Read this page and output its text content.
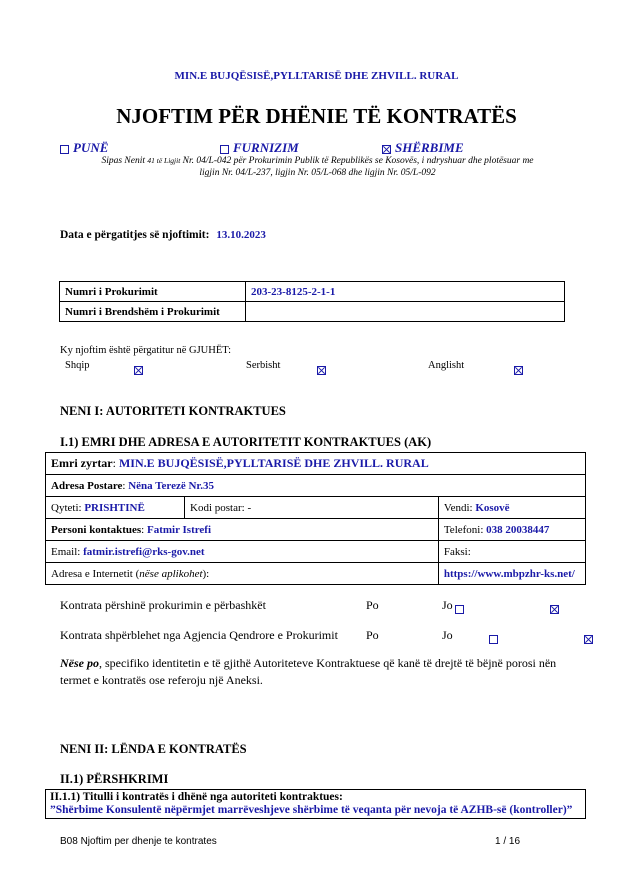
MIN.E BUJQËSISË,PYLLTARISË DHE ZHVILL. RURAL
NJOFTIM PËR DHËNIE TË KONTRATËS
PUNË	FURNIZIM	SHËRBIME
Sipas Nenit 41 të Ligjit Nr. 04/L-042 për Prokurimin Publik të Republikës se Kosovës, i ndryshuar dhe plotësuar me
ligjin Nr. 04/L-237, ligjin Nr. 05/L-068 dhe ligjin Nr. 05/L-092
Data e përgatitjes së njoftimit: 13.10.2023
Numri i Prokurimit	203-23-8125-2-1-1
Numri i Brendshëm i Prokurimit	
Ky njoftim është përgatitur në GJUHËT:
Shqip
	Serbisht
	Anglisht

NENI I: AUTORITETI KONTRAKTUES
I.1) EMRI DHE ADRESA E AUTORITETIT KONTRAKTUES (AK)
Emri zyrtar: MIN.E BUJQËSISË,PYLLTARISË DHE ZHVILL. RURAL		
Adresa Postare: Nëna Terezë Nr.35		
Qyteti: PRISHTINË	Kodi postar: -	Vendi: Kosovë
Personi kontaktues: Fatmir Istrefi		Telefoni: 038 20038447
Email: fatmir.istrefi@rks-gov.net		Faksi:
Adresa e Internetit (nëse aplikohet):		https://www.mbpzhr-ks.net/
Kontrata përshinë prokurimin e përbashkët	Po
	Jo

Kontrata shpërblehet nga Agjencia Qendrore e Prokurimit Po
	Jo
Nëse po, specifiko identitetin e të gjithë Autoriteteve Kontraktuese që kanë të drejtë të bëjnë porosi nën termet e kontratës ose referoju një Aneksi.
NENI II: LËNDA E KONTRATËS
II.1) PËRSHKRIMI
II.1.1) Titulli i kontratës i dhënë nga autoriteti kontraktues:
”Shërbime Konsulentë nëpërmjet marrëveshjeve shërbime të veqanta për nevoja të AZHB-së (kontroller)”
B08 Njoftim per dhenje te kontrates	1 / 16
